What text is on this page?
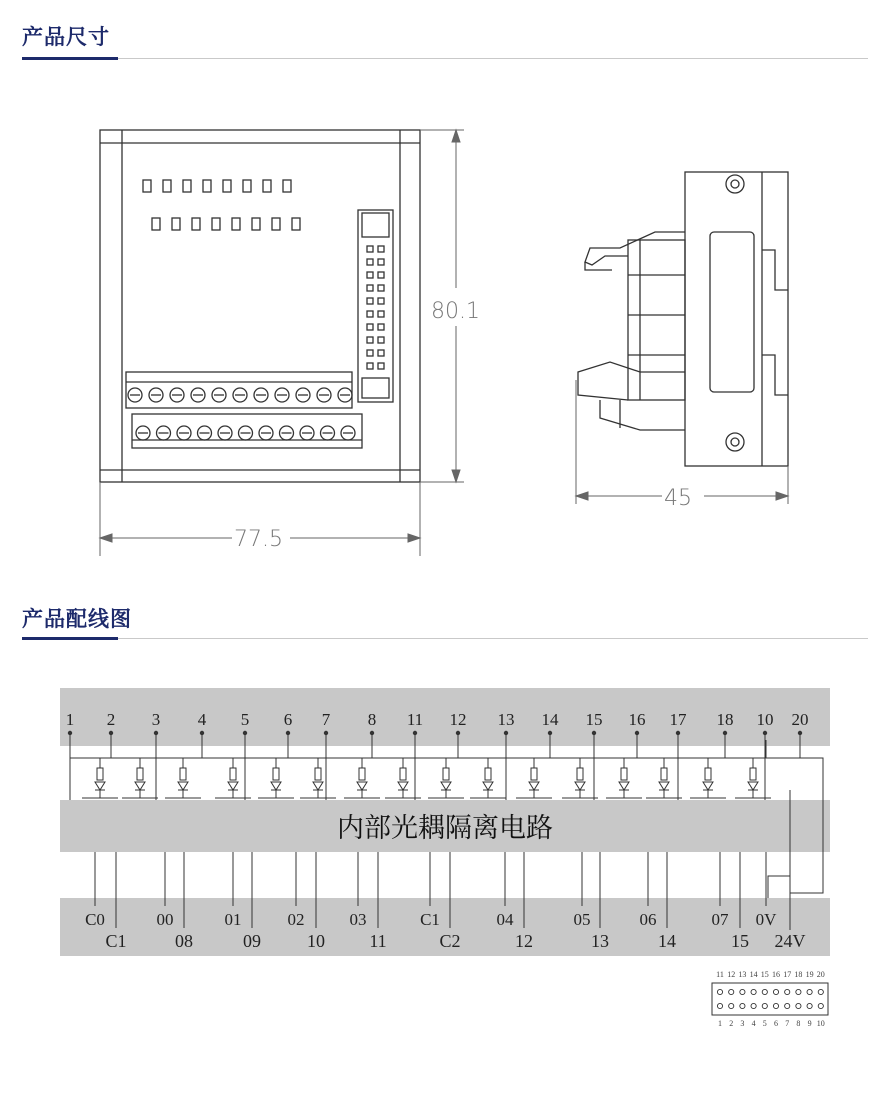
产品尺寸
产品配线图
80.1
77.5
45
内部光耦隔离电路
1 2 3 4 5 6 7 8 11 12 13 14 15 16 17 18 10 20
C0	00	01	02	03	C1	04	05	06	07 0V
C1	08	09	10 11	C2	12	13	14	15 24V
11 12 13 14 15 16 17 18 19 20
1 2 3 4 5 6 7 8 9 10
